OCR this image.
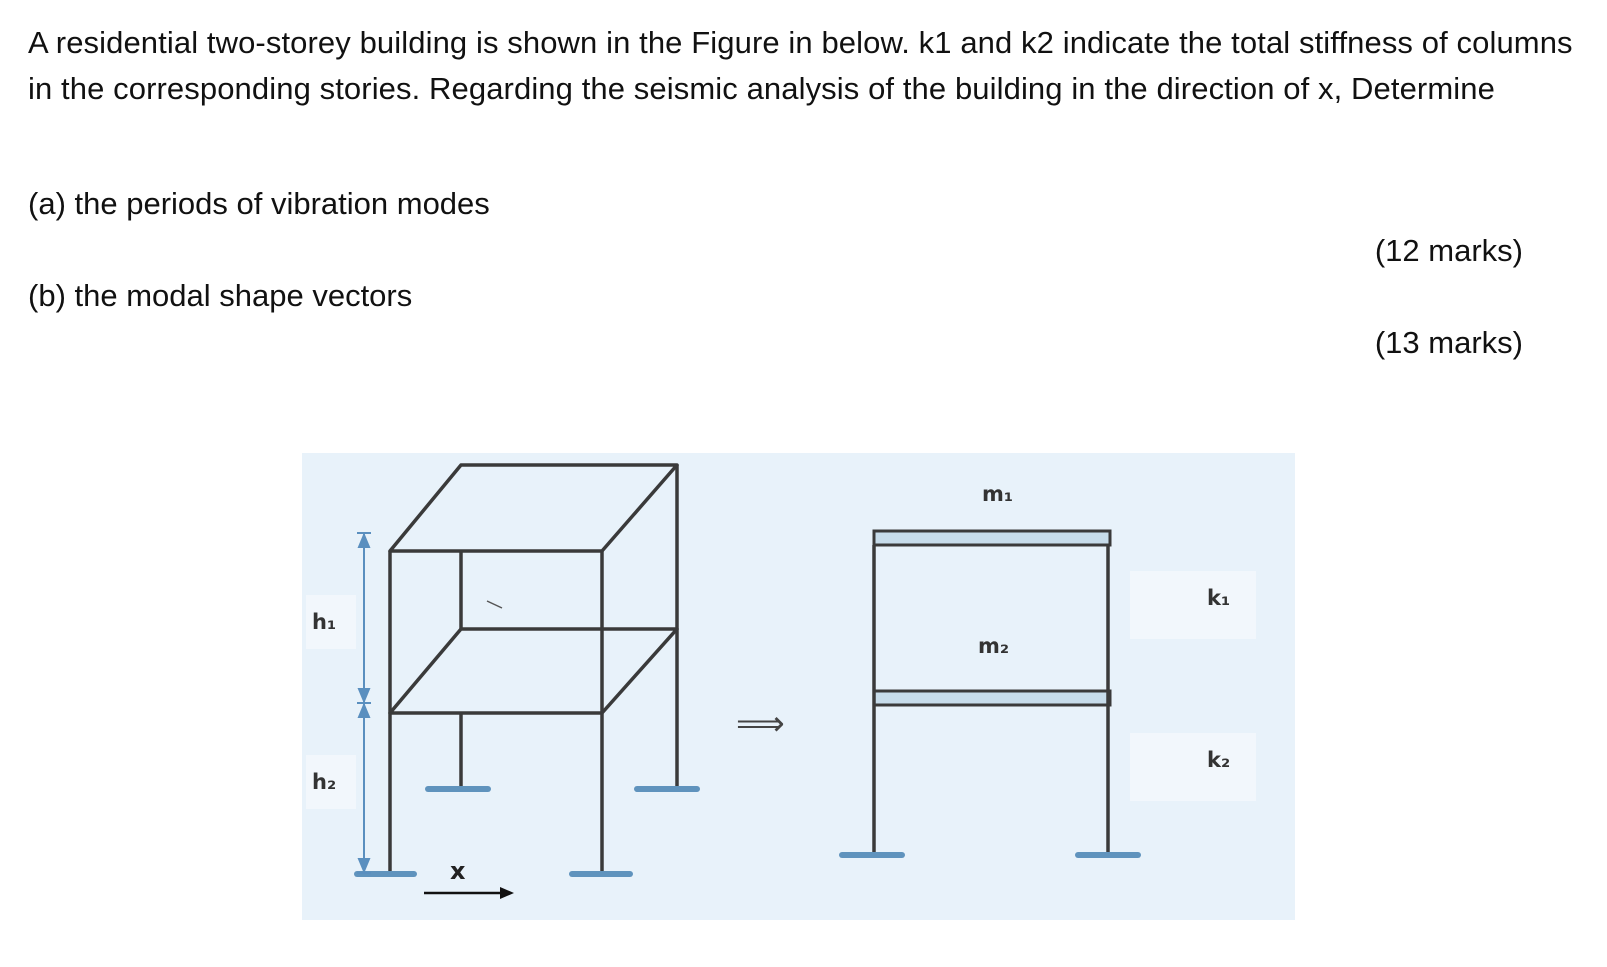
A residential two-storey building is shown in the Figure in below. k1 and k2 indicate the total stiffness of columns in the corresponding stories. Regarding the seismic analysis of the building in the direction of x, Determine
(a) the periods of vibration modes
(12 marks)
(b) the modal shape vectors
(13 marks)
h₁
h₂
x
⟹
m₁
m₂
k₁
k₂
